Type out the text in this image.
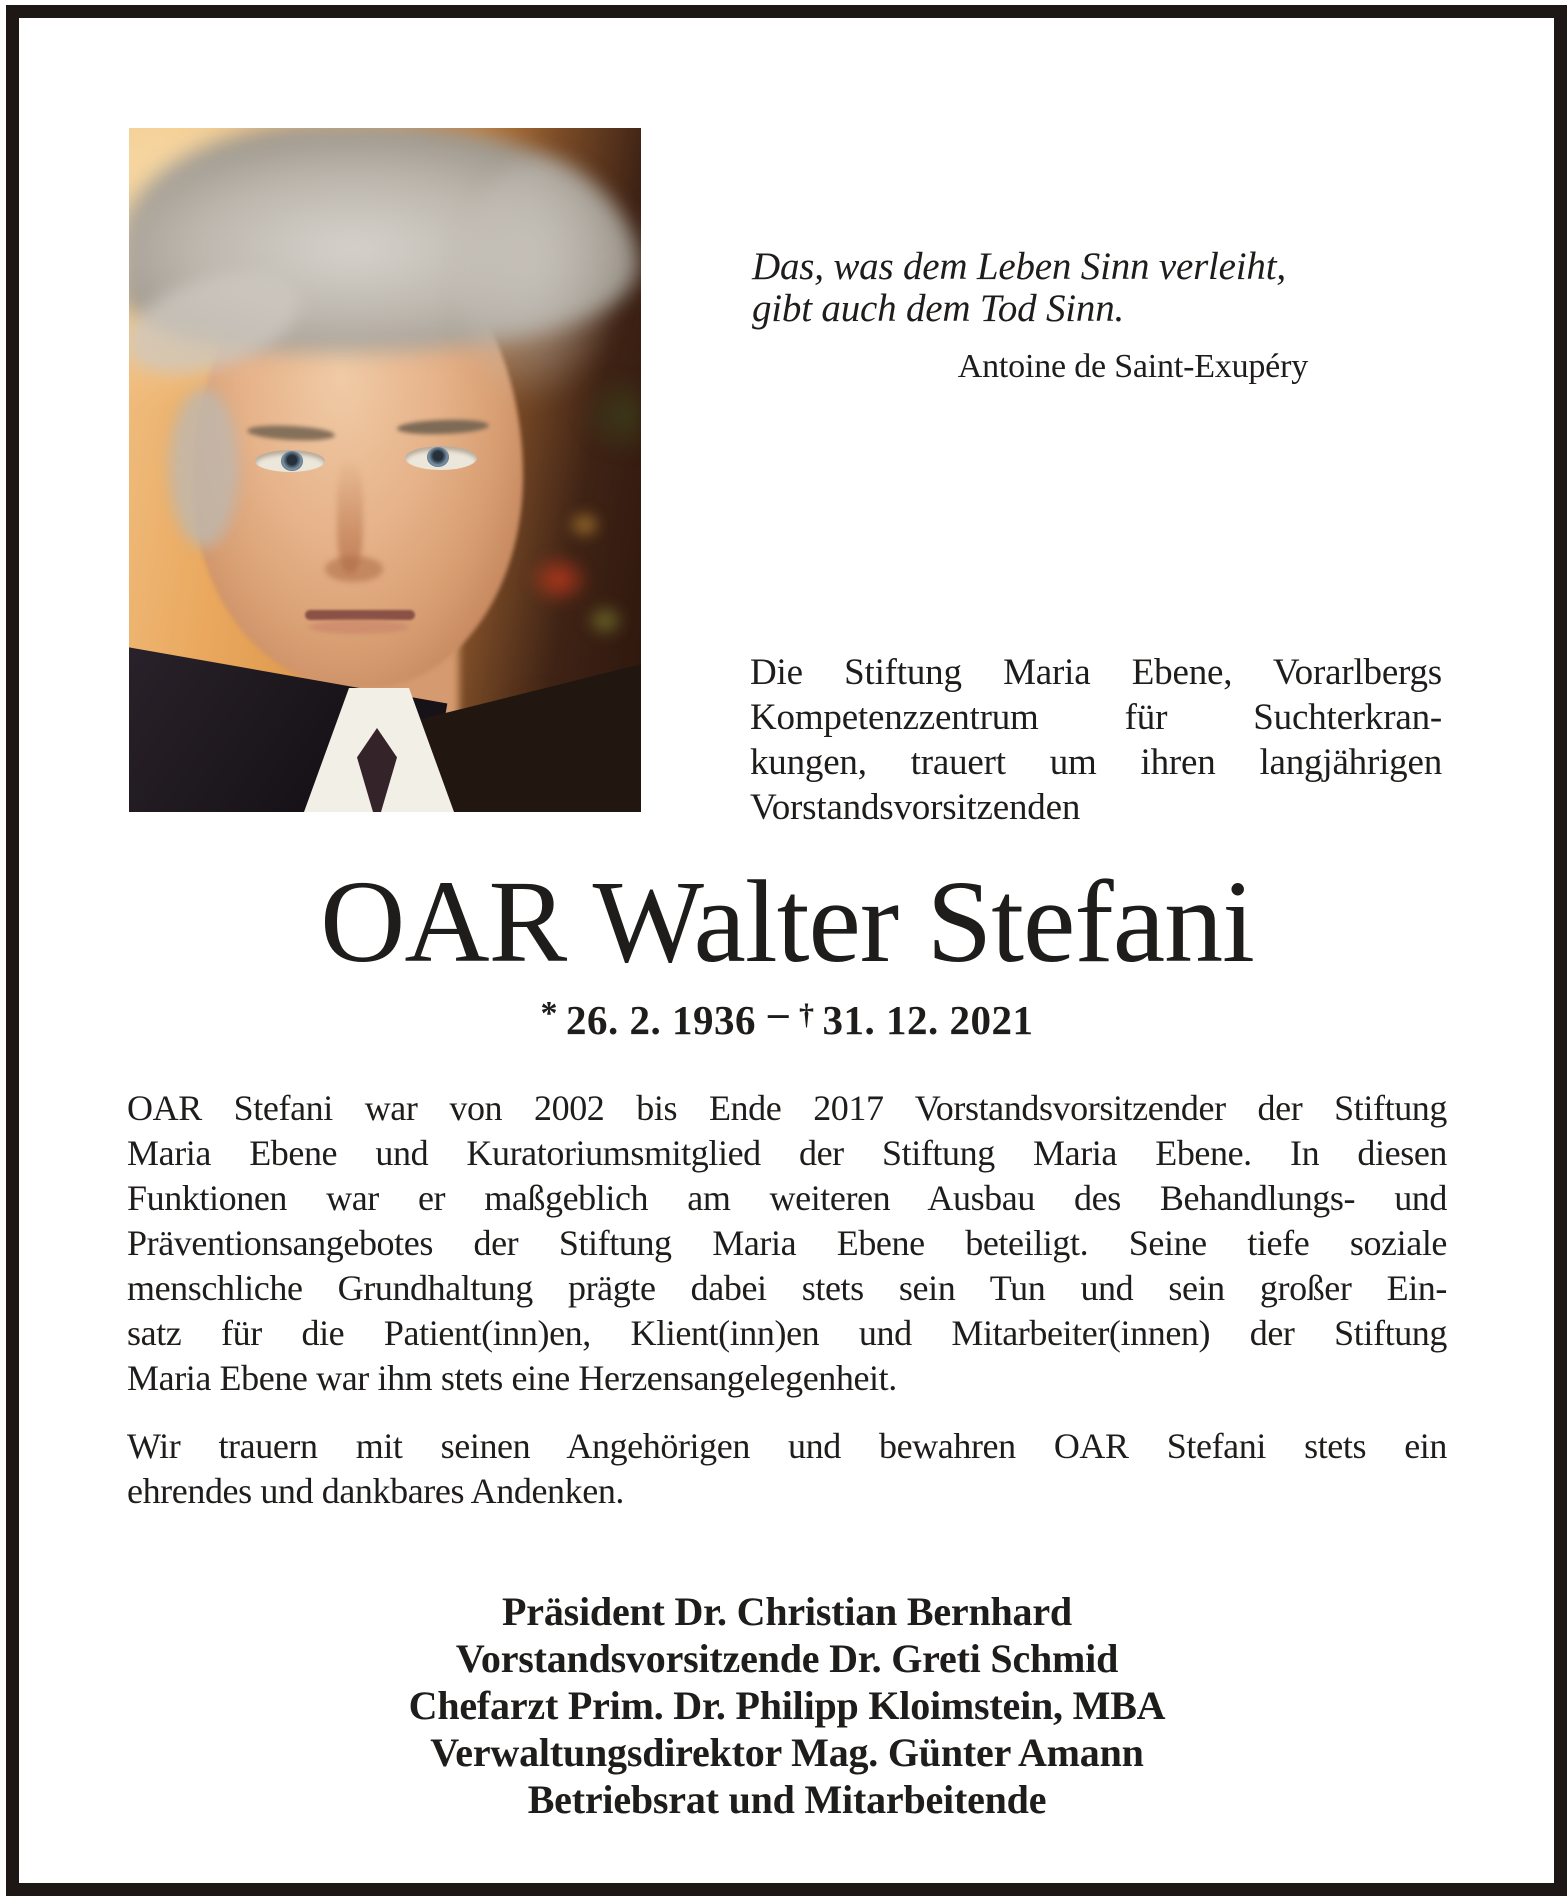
Das, was dem Leben Sinn verleiht,
gibt auch dem Tod Sinn.
Antoine de Saint-Exupéry
Die Stiftung Maria Ebene, Vorarlbergs
Kompetenzzentrum für Suchterkran-
kungen, trauert um ihren langjährigen
Vorstandsvorsitzenden
OAR Walter Stefani
* 26. 2. 1936 – † 31. 12. 2021
OAR Stefani war von 2002 bis Ende 2017 Vorstandsvorsitzender der Stiftung
Maria Ebene und Kuratoriumsmitglied der Stiftung Maria Ebene. In diesen
Funktionen war er maßgeblich am weiteren Ausbau des Behandlungs- und
Präventionsangebotes der Stiftung Maria Ebene beteiligt. Seine tiefe soziale
menschliche Grundhaltung prägte dabei stets sein Tun und sein großer Ein-
satz für die Patient(inn)en, Klient(inn)en und Mitarbeiter(innen) der Stiftung
Maria Ebene war ihm stets eine Herzensangelegenheit.
Wir trauern mit seinen Angehörigen und bewahren OAR Stefani stets ein
ehrendes und dankbares Andenken.
Präsident Dr. Christian Bernhard
Vorstandsvorsitzende Dr. Greti Schmid
Chefarzt Prim. Dr. Philipp Kloimstein, MBA
Verwaltungsdirektor Mag. Günter Amann
Betriebsrat und Mitarbeitende
